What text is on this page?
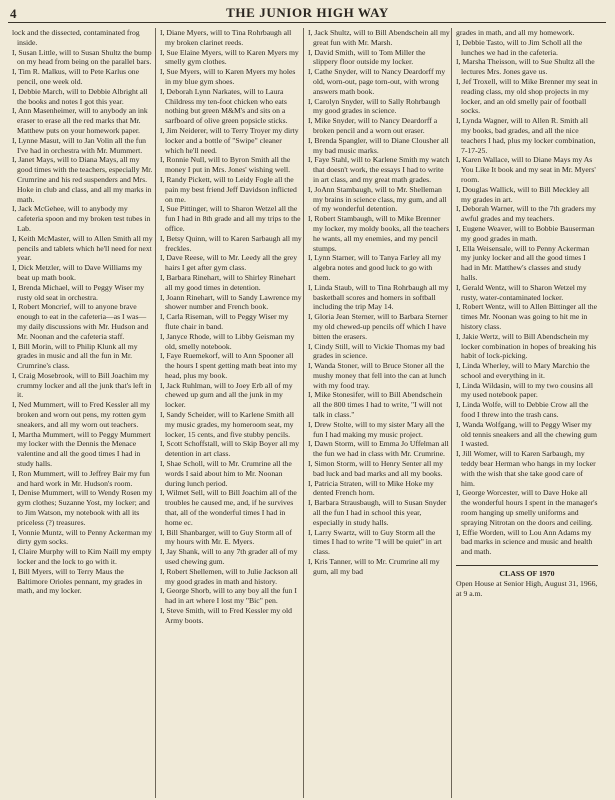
4	THE JUNIOR HIGH WAY

lock and the dissected, contaminated frog inside.

I, Susan Little, will to Susan Shultz the bump on my head from being on the parallel bars.

I, Tim R. Malkus, will to Pete Karlus one pencil, one week old.

I, Debbie March, will to Debbie Albright all the books and notes I got this year.

I, Ann Masenheimer, will to anybody an ink eraser to erase all the red marks that Mr. Matthew puts on your homework paper.

I, Lynne Masut, will to Jan Volin all the fun I've had in orchestra with Mr. Mummert.

I, Janet Mays, will to Diana Mays, all my good times with the teachers, especially Mr. Crumrine and his red suspenders and Mrs. Hoke in club and class, and all my marks in math.

I, Jack McGehee, will to anybody my cafeteria spoon and my broken test tubes in Lab.

I, Keith McMaster, will to Allen Smith all my pencils and tablets which he'll need for next year.

I, Dick Metzler, will to Dave Williams my beat up math book.

I, Brenda Michael, will to Peggy Wiser my rusty old seat in orchestra.

I, Robert Moncrief, will to anyone brave enough to eat in the cafeteria—as I was— my daily discussions with Mr. Hudson and Mr. Noonan and the cafeteria staff.

I, Bill Morin, will to Philip Klunk all my grades in music and all the fun in Mr. Crumrine's class.

I, Craig Mosebrook, will to Bill Joachim my crummy locker and all the junk that's left in it.

I, Ned Mummert, will to Fred Kessler all my broken and worn out pens, my rotten gym sneakers, and all my worn out teachers.

I, Martha Mummert, will to Peggy Mummert my locker with the Dennis the Menace valentine and all the good times I had in study halls.

I, Ron Mummert, will to Jeffrey Bair my fun and hard work in Mr. Hudson's room.

I, Denise Mummert, will to Wendy Rosen my gym clothes; Suzanne Yost, my locker; and to Jim Watson, my notebook with all its priceless (?) treasures.

I, Vonnie Muntz, will to Penny Ackerman my dirty gym socks.

I, Claire Murphy will to Kim Naill my empty locker and the lock to go with it.

I, Bill Myers, will to Terry Maus the Baltimore Orioles pennant, my grades in math, and my locker.

I, Diane Myers, will to Tina Rohrbaugh all my broken clarinet reeds.

I, Sue Elaine Myers, will to Karen Myers my smelly gym clothes.

I, Sue Myers, will to Karen Myers my holes in my blue gym shoes.

I, Deborah Lynn Narkates, will to Laura Childress my ten-foot chicken who eats nothing but green M&M's and sits on a sarfboard of olive green popsicle sticks.

I, Jim Neiderer, will to Terry Troyer my dirty locker and a bottle of "Swipe" cleaner which he'll need.

I, Ronnie Null, will to Byron Smith all the money I put in Mrs. Jones' wishing well.

I, Randy Pickett, will to Leidy Fogle all the pain my best friend Jeff Davidson inflicted on me.

I, Sue Pittinger, will to Sharon Wetzel all the fun I had in 8th grade and all my trips to the office.

I, Betsy Quinn, will to Karen Sarbaugh all my freckles.

I, Dave Reese, will to Mr. Leedy all the grey hairs I get after gym class.

I, Barbara Rinehart, will to Shirley Rinehart all my good times in detention.

I, Joann Rinehart, will to Sandy Lawrence my shower number and French book.

I, Carla Riseman, will to Peggy Wiser my flute chair in band.

I, Janyce Rhode, will to Libby Geisman my old, smelly notebook.

I, Faye Ruemekorf, will to Ann Spooner all the hours I spent getting math beat into my head, plus my book.

I, Jack Ruhlman, will to Joey Erb all of my chewed up gum and all the junk in my locker.

I, Sandy Scheider, will to Karlene Smith all my music grades, my homeroom seat, my locker, 15 cents, and five stubby pencils.

I, Scott Schoffstall, will to Skip Boyer all my detention in art class.

I, Shae Scholl, will to Mr. Crumrine all the words I said about him to Mr. Noonan during lunch period.

I, Wilmet Sell, will to Bill Joachim all of the troubles he caused me, and, if he survives that, all of the wonderful times I had in home ec.

I, Bill Shanbarger, will to Guy Storm all of my hours with Mr. E. Myers.

I, Jay Shank, will to any 7th grader all of my used chewing gum.

I, Robert Shellemen, will to Julie Jackson all my good grades in math and history.

I, George Shorb, will to any boy all the fun I had in art where I lost my "Bic" pen.

I, Steve Smith, will to Fred Kessler my old Army boots.

I, Jack Shultz, will to Bill Abendschein all my great fun with Mr. Marsh.

I, David Smith, will to Tom Miller the slippery floor outside my locker.

I, Cathe Snyder, will to Nancy Deardorff my old, worn-out, page torn-out, with wrong answers math book.

I, Carolyn Snyder, will to Sally Rohrbaugh my good grades in science.

I, Mike Snyder, will to Nancy Deardorff a broken pencil and a worn out eraser.

I, Brenda Spangler, will to Diane Clousher all my bad music marks.

I, Faye Stahl, will to Karlene Smith my watch that doesn't work, the essays I had to write in art class, and my great math grades.

I, JoAnn Stambaugh, will to Mr. Shelleman my brains in science class, my gum, and all of my wonderful detention.

I, Robert Stambaugh, will to Mike Brenner my locker, my moldy books, all the teachers he wants, all my enemies, and my pencil stumps.

I, Lynn Starner, will to Tanya Farley all my algebra notes and good luck to go with them.

I, Linda Staub, will to Tina Rohrbaugh all my basketball scores and homers in softball including the trip May 14.

I, Gloria Jean Sterner, will to Barbara Sterner my old chewed-up pencils off which I have bitten the erasers.

I, Cindy Still, will to Vickie Thomas my bad grades in science.

I, Wanda Stoner, will to Bruce Stoner all the mushy money that fell into the can at lunch with my food tray.

I, Mike Stonesifer, will to Bill Abendschein all the 800 times I had to write, "I will not talk in class."

I, Drew Stolte, will to my sister Mary all the fun I had making my music project.

I, Dawn Storm, will to Emma Jo Uffelman all the fun we had in class with Mr. Crumrine.

I, Simon Storm, will to Henry Senter all my bad luck and bad marks and all my books.

I, Patricia Straten, will to Mike Hoke my dented French horn.

I, Barbara Strausbaugh, will to Susan Snyder all the fun I had in school this year, especially in study halls.

I, Larry Swartz, will to Guy Storm all the times I had to write "I will be quiet" in art class.

I, Kris Tanner, will to Mr. Crumrine all my gum, all my bad

grades in math, and all my homework.

I, Debbie Tasto, will to Jim Scholl all the lunches we had in the cafeteria.

I, Marsha Theisson, will to Sue Shultz all the lectures Mrs. Jones gave us.

I, Jef Troxell, will to Mike Brenner my seat in reading class, my old shop projects in my locker, and an old smelly pair of football socks.

I, Lynda Wagner, will to Allen R. Smith all my books, bad grades, and all the nice teachers I had, plus my locker combination, 7-17-25.

I, Karen Wallace, will to Diane Mays my As You Like It book and my seat in Mr. Myers' room.

I, Douglas Wallick, will to Bill Meckley all my grades in art.

I, Deborah Warner, will to the 7th graders my awful grades and my teachers.

I, Eugene Weaver, will to Bobbie Bauserman my good grades in math.

I, Ella Weisensale, will to Penny Ackerman my junky locker and all the good times I had in Mr. Matthew's classes and study halls.

I, Gerald Wentz, will to Sharon Wetzel my rusty, water-contaminated locker.

I, Robert Wentz, will to Allen Bittinger all the times Mr. Noonan was going to hit me in history class.

I, Jakie Wertz, will to Bill Abendschein my locker combination in hopes of breaking his habit of lock-picking.

I, Linda Wherley, will to Mary Marchio the school and everything in it.

I, Linda Wildasin, will to my two cousins all my used notebook paper.

I, Linda Wolfe, will to Debbie Crow all the food I threw into the trash cans.

I, Wanda Wolfgang, will to Peggy Wiser my old tennis sneakers and all the chewing gum I wasted.

I, Jill Womer, will to Karen Sarbaugh, my teddy bear Herman who hangs in my locker with the wish that she take good care of him.

I, George Worcester, will to Dave Hoke all the wonderful hours I spent in the manager's room hanging up smelly uniforms and spraying Nitrotan on the doors and ceiling.

I, Effie Worden, will to Lou Ann Adams my bad marks in science and music and health and math.

CLASS OF 1970
Open House at Senior High, August 31, 1966, at 9 a.m.
